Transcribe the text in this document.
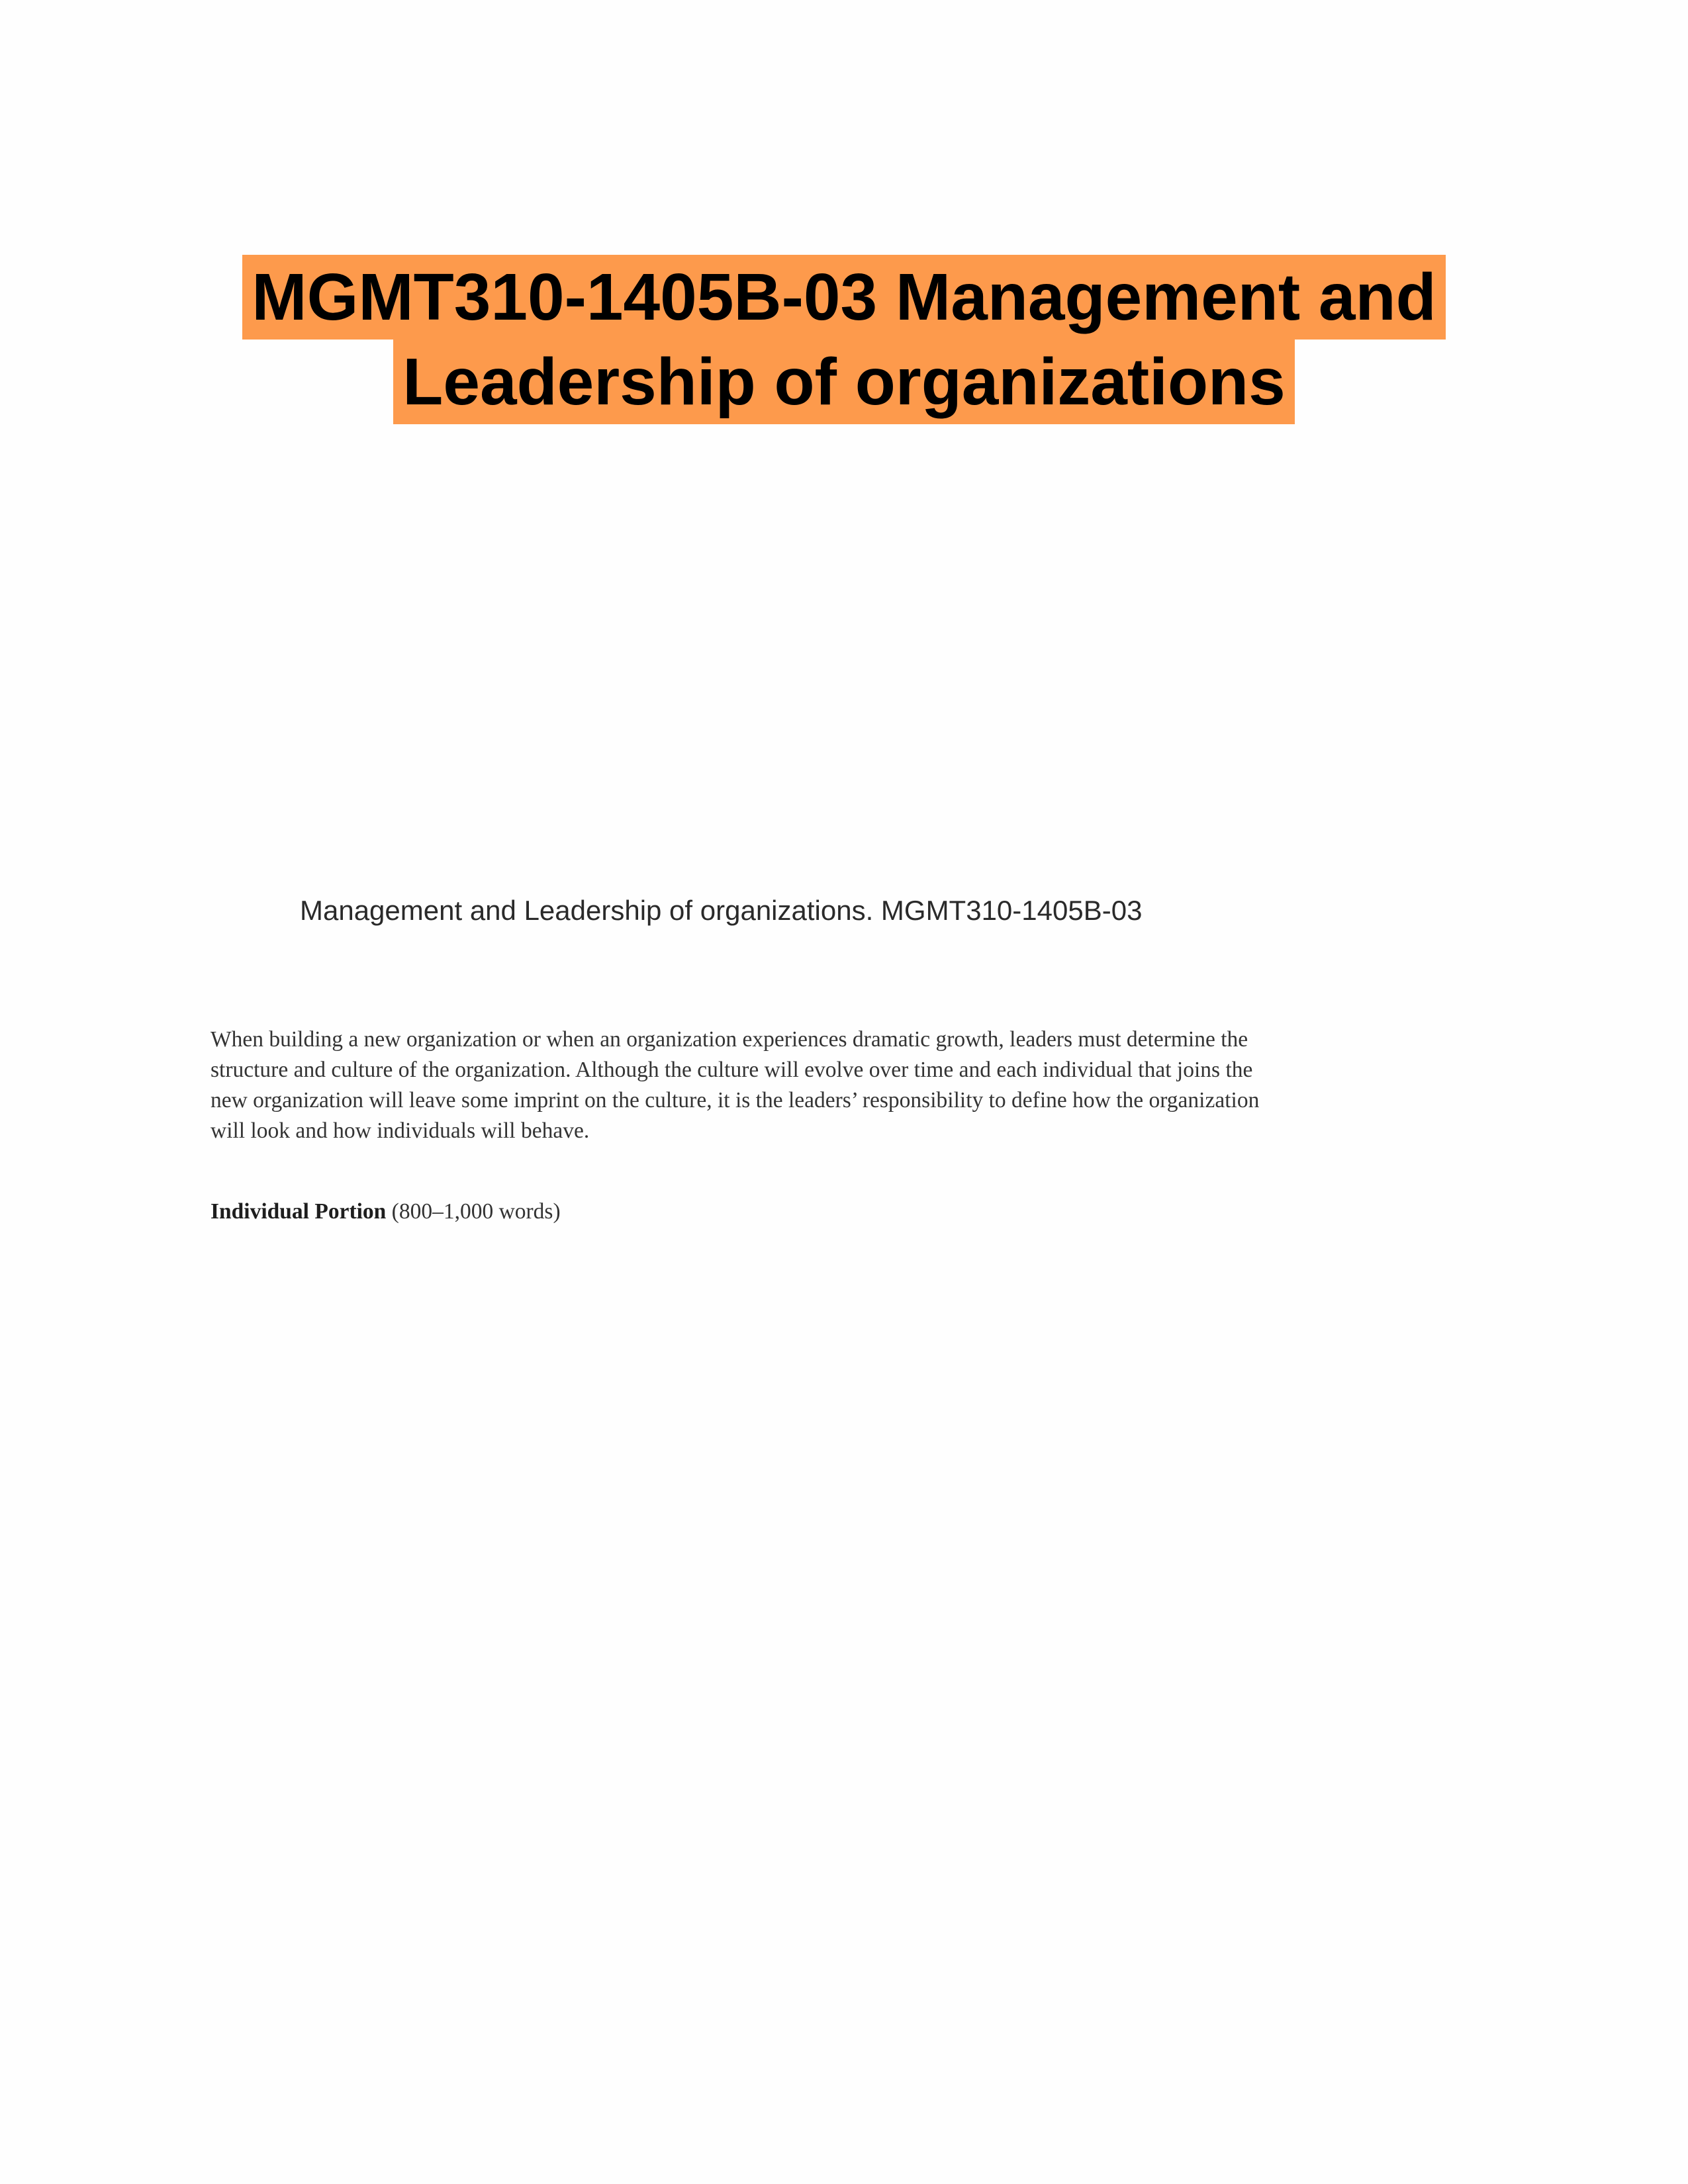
MGMT310-1405B-03 Management and
Leadership of organizations
Management and Leadership of organizations. MGMT310-1405B-03

When building a new organization or when an organization experiences dramatic growth, leaders must determine the structure and culture of the organization. Although the culture will evolve over time and each individual that joins the new organization will leave some imprint on the culture, it is the leaders’ responsibility to define how the organization will look and how individuals will behave.

Individual Portion (800–1,000 words)
